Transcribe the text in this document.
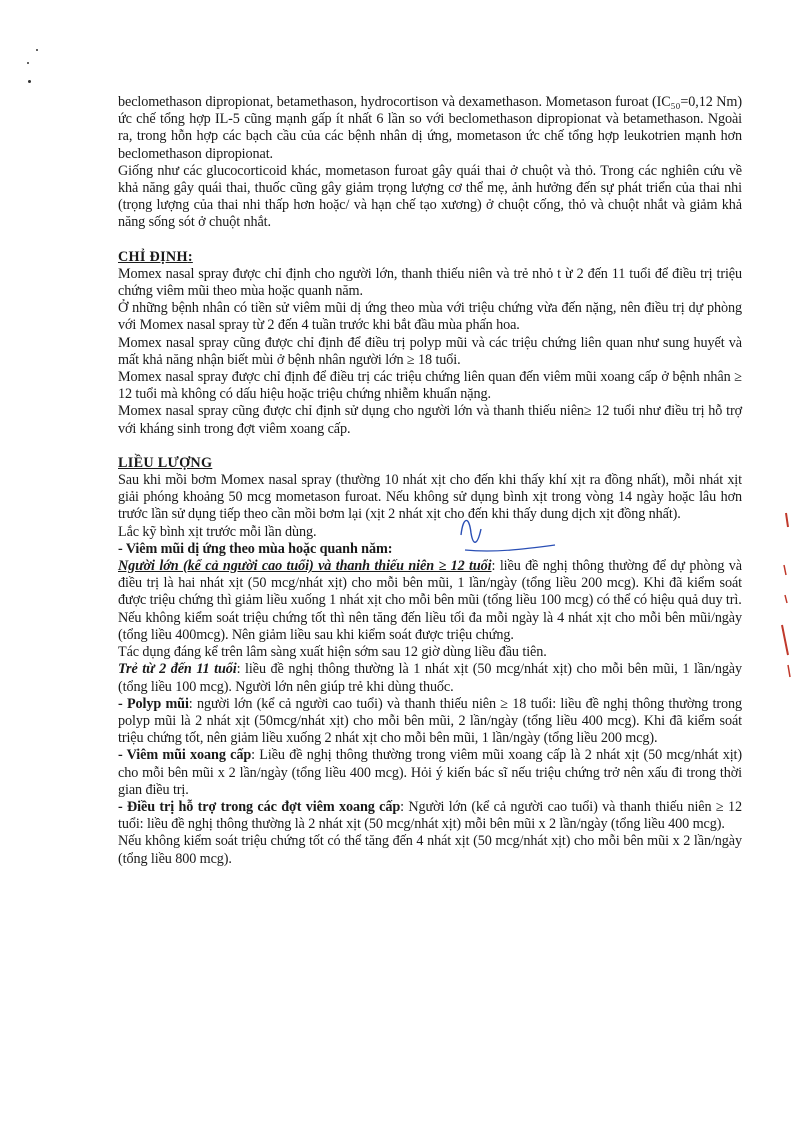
beclomethason dipropionat, betamethason, hydrocortison và dexamethason. Mometason furoat (IC₅₀=0,12 Nm) ức chế tổng hợp IL-5 cũng mạnh gấp ít nhất 6 lần so với beclomethason dipropionat và betamethason. Ngoài ra, trong hỗn hợp các bạch cầu của các bệnh nhân dị ứng, mometason ức chế tổng hợp leukotrien mạnh hơn beclomethason dipropionat.

Giống như các glucocorticoid khác, mometason furoat gây quái thai ở chuột và thỏ. Trong các nghiên cứu về khả năng gây quái thai, thuốc cũng gây giảm trọng lượng cơ thể mẹ, ảnh hưởng đến sự phát triển của thai nhi (trọng lượng của thai nhi thấp hơn hoặc/ và hạn chế tạo xương) ở chuột cống, thỏ và chuột nhắt và giảm khả năng sống sót ở chuột nhắt.

CHỈ ĐỊNH:

Momex nasal spray được chỉ định cho người lớn, thanh thiếu niên và trẻ nhỏ t ừ 2 đến 11 tuổi để điều trị triệu chứng viêm mũi theo mùa hoặc quanh năm.

Ở những bệnh nhân có tiền sử viêm mũi dị ứng theo mùa với triệu chứng vừa đến nặng, nên điều trị dự phòng với Momex nasal spray từ 2 đến 4 tuần trước khi bắt đầu mùa phấn hoa.

Momex nasal spray cũng được chỉ định để điều trị polyp mũi và các triệu chứng liên quan như sung huyết và mất khả năng nhận biết mùi ở bệnh nhân người lớn ≥ 18 tuổi.

Momex nasal spray được chỉ định để điều trị các triệu chứng liên quan đến viêm mũi xoang cấp ở bệnh nhân ≥ 12 tuổi mà không có dấu hiệu hoặc triệu chứng nhiễm khuẩn nặng.

Momex nasal spray cũng được chỉ định sử dụng cho người lớn và thanh thiếu niên≥ 12 tuổi như điều trị hỗ trợ với kháng sinh trong đợt viêm xoang cấp.

LIỀU LƯỢNG

Sau khi mồi bơm Momex nasal spray (thường 10 nhát xịt cho đến khi thấy khí xịt ra đồng nhất), mỗi nhát xịt giải phóng khoảng 50 mcg mometason furoat. Nếu không sử dụng bình xịt trong vòng 14 ngày hoặc lâu hơn trước lần sử dụng tiếp theo cần mồi bơm lại (xịt 2 nhát xịt cho đến khi thấy dung dịch xịt đồng nhất).

Lắc kỹ bình xịt trước mỗi lần dùng.

- Viêm mũi dị ứng theo mùa hoặc quanh năm:

Người lớn (kể cả người cao tuổi) và thanh thiếu niên ≥ 12 tuổi: liều đề nghị thông thường để dự phòng và điều trị là hai nhát xịt (50 mcg/nhát xịt) cho mỗi bên mũi, 1 lần/ngày (tổng liều 200 mcg). Khi đã kiểm soát được triệu chứng thì giảm liều xuống 1 nhát xịt cho mỗi bên mũi (tổng liều 100 mcg) có thể có hiệu quả duy trì.

Nếu không kiểm soát triệu chứng tốt thì nên tăng đến liều tối đa mỗi ngày là 4 nhát xịt cho mỗi bên mũi/ngày (tổng liều 400mcg). Nên giảm liều sau khi kiểm soát được triệu chứng.

Tác dụng đáng kể trên lâm sàng xuất hiện sớm sau 12 giờ dùng liều đầu tiên.

Trẻ từ 2 đến 11 tuổi: liều đề nghị thông thường là 1 nhát xịt (50 mcg/nhát xịt) cho mỗi bên mũi, 1 lần/ngày (tổng liều 100 mcg). Người lớn nên giúp trẻ khi dùng thuốc.

- Polyp mũi: người lớn (kể cả người cao tuổi) và thanh thiếu niên ≥ 18 tuổi: liều đề nghị thông thường trong polyp mũi là 2 nhát xịt (50mcg/nhát xịt) cho mỗi bên mũi, 2 lần/ngày (tổng liều 400 mcg). Khi đã kiểm soát triệu chứng tốt, nên giảm liều xuống 2 nhát xịt cho mỗi bên mũi, 1 lần/ngày (tổng liều 200 mcg).

- Viêm mũi xoang cấp: Liều đề nghị thông thường trong viêm mũi xoang cấp là 2 nhát xịt (50 mcg/nhát xịt) cho mỗi bên mũi x 2 lần/ngày (tổng liều 400 mcg). Hỏi ý kiến bác sĩ nếu triệu chứng trở nên xấu đi trong thời gian điều trị.

- Điều trị hỗ trợ trong các đợt viêm xoang cấp: Người lớn (kể cả người cao tuổi) và thanh thiếu niên ≥ 12 tuổi: liều đề nghị thông thường là 2 nhát xịt (50 mcg/nhát xịt) mỗi bên mũi x 2 lần/ngày (tổng liều 400 mcg).

Nếu không kiểm soát triệu chứng tốt có thể tăng đến 4 nhát xịt (50 mcg/nhát xịt) cho mỗi bên mũi x 2 lần/ngày (tổng liều 800 mcg).
